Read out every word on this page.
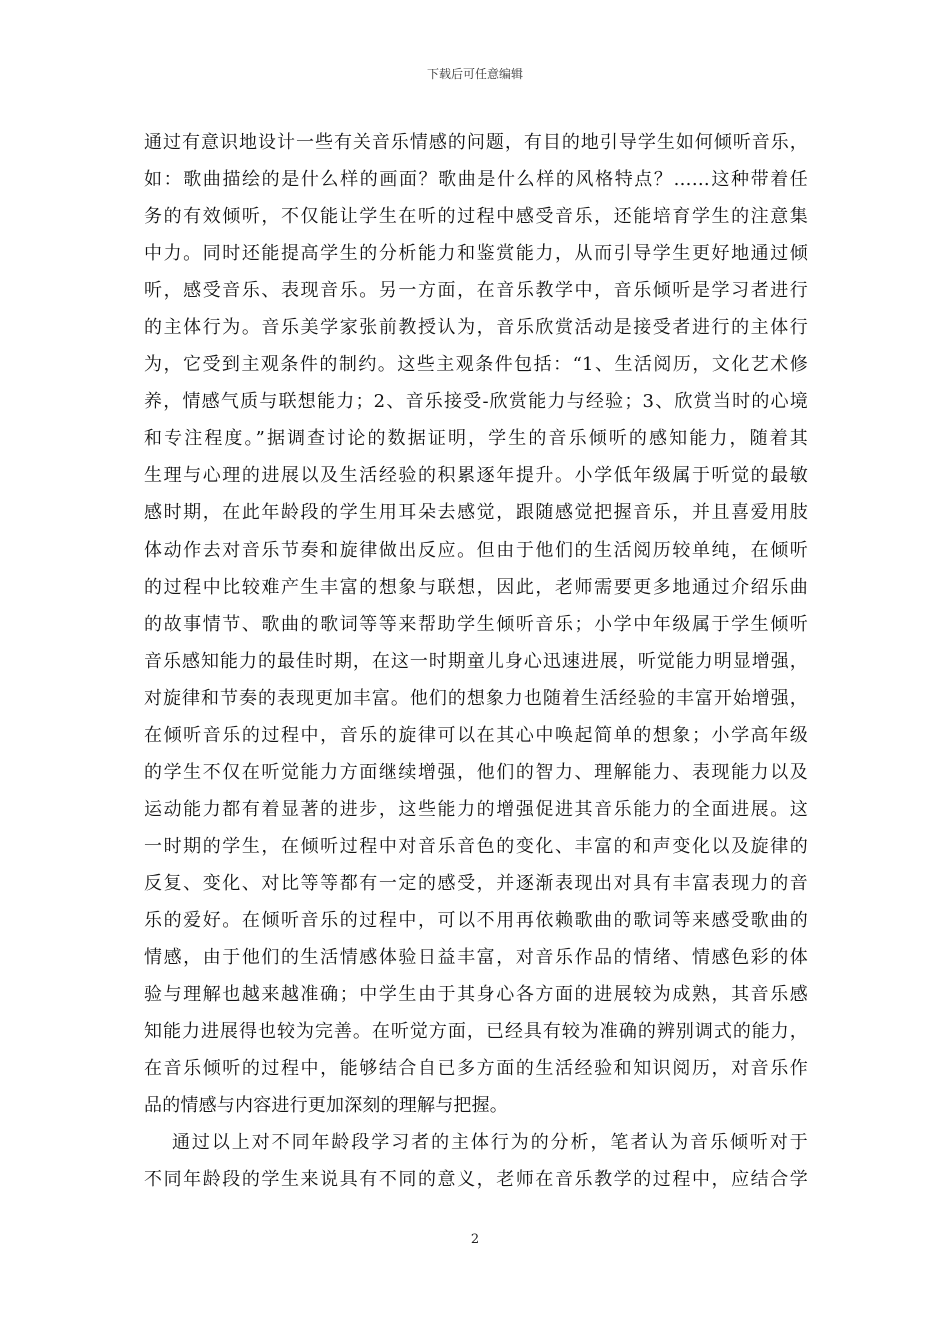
下载后可任意编辑
通过有意识地设计一些有关音乐情感的问题，有目的地引导学生如何倾听音乐，
如：歌曲描绘的是什么样的画面？歌曲是什么样的风格特点？……这种带着任
务的有效倾听，不仅能让学生在听的过程中感受音乐，还能培育学生的注意集
中力。同时还能提高学生的分析能力和鉴赏能力，从而引导学生更好地通过倾
听，感受音乐、表现音乐。另一方面，在音乐教学中，音乐倾听是学习者进行
的主体行为。音乐美学家张前教授认为，音乐欣赏活动是接受者进行的主体行
为，它受到主观条件的制约。这些主观条件包括：“1、生活阅历，文化艺术修
养，情感气质与联想能力；2、音乐接受-欣赏能力与经验；3、欣赏当时的心境
和专注程度。”据调查讨论的数据证明，学生的音乐倾听的感知能力，随着其
生理与心理的进展以及生活经验的积累逐年提升。小学低年级属于听觉的最敏
感时期，在此年龄段的学生用耳朵去感觉，跟随感觉把握音乐，并且喜爱用肢
体动作去对音乐节奏和旋律做出反应。但由于他们的生活阅历较单纯，在倾听
的过程中比较难产生丰富的想象与联想，因此，老师需要更多地通过介绍乐曲
的故事情节、歌曲的歌词等等来帮助学生倾听音乐；小学中年级属于学生倾听
音乐感知能力的最佳时期，在这一时期童儿身心迅速进展，听觉能力明显增强，
对旋律和节奏的表现更加丰富。他们的想象力也随着生活经验的丰富开始增强，
在倾听音乐的过程中，音乐的旋律可以在其心中唤起简单的想象；小学高年级
的学生不仅在听觉能力方面继续增强，他们的智力、理解能力、表现能力以及
运动能力都有着显著的进步，这些能力的增强促进其音乐能力的全面进展。这
一时期的学生，在倾听过程中对音乐音色的变化、丰富的和声变化以及旋律的
反复、变化、对比等等都有一定的感受，并逐渐表现出对具有丰富表现力的音
乐的爱好。在倾听音乐的过程中，可以不用再依赖歌曲的歌词等来感受歌曲的
情感，由于他们的生活情感体验日益丰富，对音乐作品的情绪、情感色彩的体
验与理解也越来越准确；中学生由于其身心各方面的进展较为成熟，其音乐感
知能力进展得也较为完善。在听觉方面，已经具有较为准确的辨别调式的能力，
在音乐倾听的过程中，能够结合自已多方面的生活经验和知识阅历，对音乐作
品的情感与内容进行更加深刻的理解与把握。
通过以上对不同年龄段学习者的主体行为的分析，笔者认为音乐倾听对于
不同年龄段的学生来说具有不同的意义，老师在音乐教学的过程中，应结合学
2
